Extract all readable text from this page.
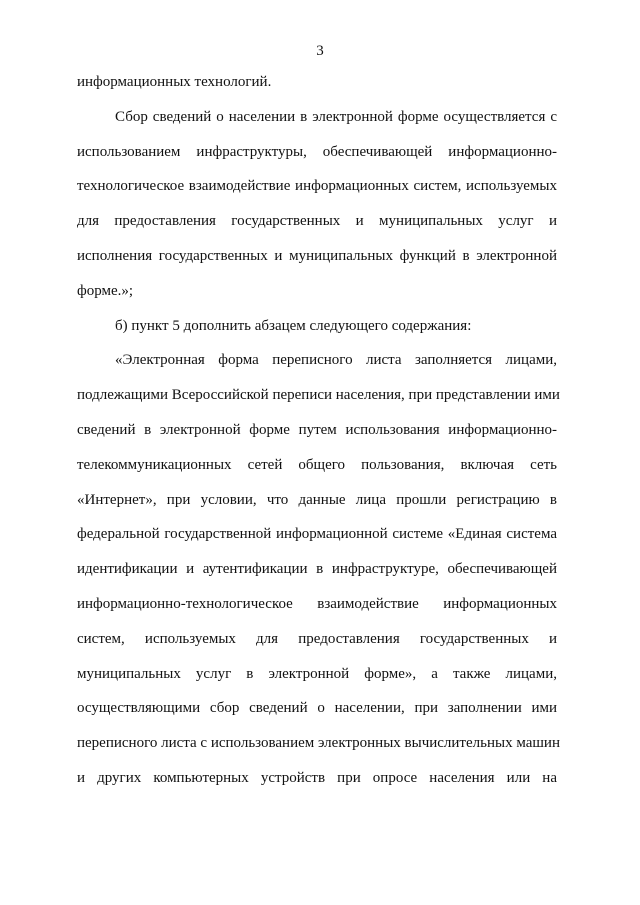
3
информационных технологий.
Сбор сведений о населении в электронной форме осуществляется с
использованием инфраструктуры, обеспечивающей информационно-
технологическое взаимодействие информационных систем, используемых
для предоставления государственных и муниципальных услуг и
исполнения государственных и муниципальных функций в электронной
форме.»;
б) пункт 5 дополнить абзацем следующего содержания:
«Электронная форма переписного листа заполняется лицами,
подлежащими Всероссийской переписи населения, при представлении ими
сведений в электронной форме путем использования информационно-
телекоммуникационных сетей общего пользования, включая сеть
«Интернет», при условии, что данные лица прошли регистрацию в
федеральной государственной информационной системе «Единая система
идентификации и аутентификации в инфраструктуре, обеспечивающей
информационно-технологическое взаимодействие информационных
систем, используемых для предоставления государственных и
муниципальных услуг в электронной форме», а также лицами,
осуществляющими сбор сведений о населении, при заполнении ими
переписного листа с использованием электронных вычислительных машин
и других компьютерных устройств при опросе населения или на
